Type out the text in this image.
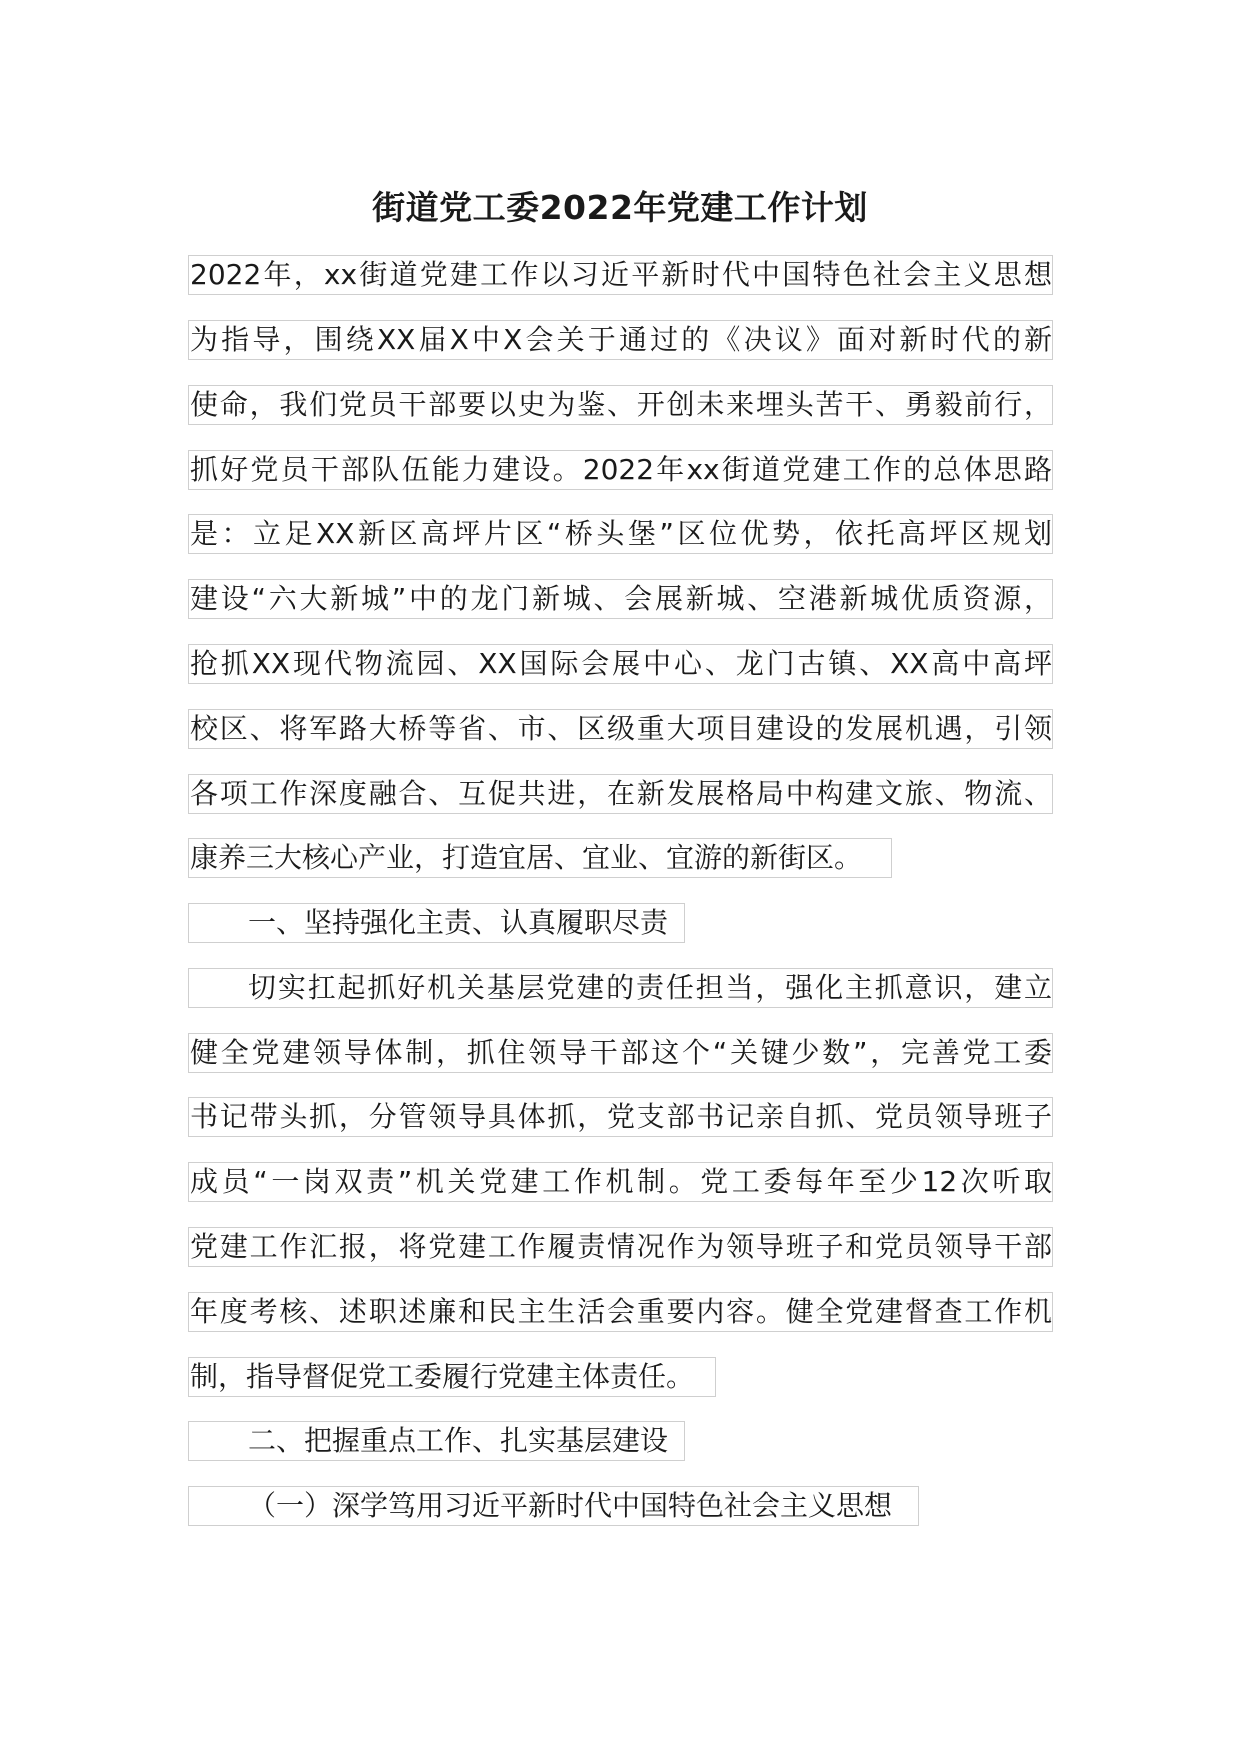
街道党工委2022年党建工作计划
2022年，xx街道党建工作以习近平新时代中国特色社会主义思想
为指导，围绕XX届X中X会关于通过的《决议》面对新时代的新
使命，我们党员干部要以史为鉴、开创未来埋头苦干、勇毅前行，
抓好党员干部队伍能力建设。2022年xx街道党建工作的总体思路
是：立足XX新区高坪片区“桥头堡”区位优势，依托高坪区规划
建设“六大新城”中的龙门新城、会展新城、空港新城优质资源，
抢抓XX现代物流园、XX国际会展中心、龙门古镇、XX高中高坪
校区、将军路大桥等省、市、区级重大项目建设的发展机遇，引领
各项工作深度融合、互促共进，在新发展格局中构建文旅、物流、
康养三大核心产业，打造宜居、宜业、宜游的新街区。
一、坚持强化主责、认真履职尽责
切实扛起抓好机关基层党建的责任担当，强化主抓意识，建立
健全党建领导体制，抓住领导干部这个“关键少数”，完善党工委
书记带头抓，分管领导具体抓，党支部书记亲自抓、党员领导班子
成员“一岗双责”机关党建工作机制。党工委每年至少12次听取
党建工作汇报，将党建工作履责情况作为领导班子和党员领导干部
年度考核、述职述廉和民主生活会重要内容。健全党建督查工作机
制，指导督促党工委履行党建主体责任。
二、把握重点工作、扎实基层建设
（一）深学笃用习近平新时代中国特色社会主义思想
